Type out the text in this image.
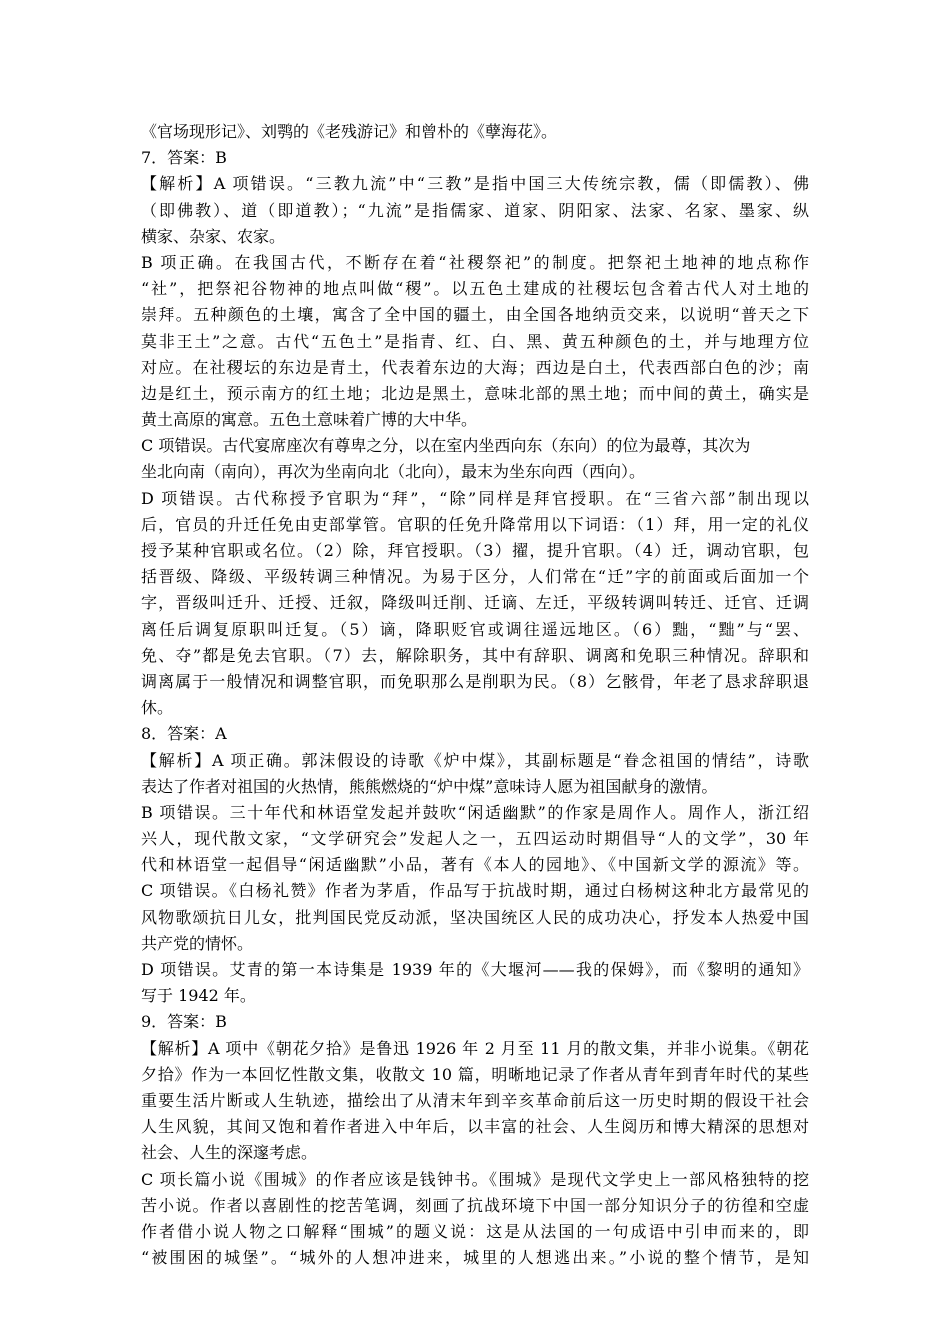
《官场现形记》、刘鹗的《老残游记》和曾朴的《孽海花》。
7．答案：B
【解析】A 项错误。“三教九流”中“三教”是指中国三大传统宗教，儒（即儒教）、佛
（即佛教）、道（即道教）；“九流”是指儒家、道家、阴阳家、法家、名家、墨家、纵
横家、杂家、农家。
B 项正确。在我国古代，不断存在着“社稷祭祀”的制度。把祭祀土地神的地点称作
“社”，把祭祀谷物神的地点叫做“稷”。以五色土建成的社稷坛包含着古代人对土地的
崇拜。五种颜色的土壤，寓含了全中国的疆土，由全国各地纳贡交来，以说明“普天之下
莫非王土”之意。古代“五色土”是指青、红、白、黑、黄五种颜色的土，并与地理方位
对应。在社稷坛的东边是青土，代表着东边的大海；西边是白土，代表西部白色的沙；南
边是红土，预示南方的红土地；北边是黑土，意味北部的黑土地；而中间的黄土，确实是
黄土高原的寓意。五色土意味着广博的大中华。
C 项错误。古代宴席座次有尊卑之分，以在室内坐西向东（东向）的位为最尊，其次为
坐北向南（南向），再次为坐南向北（北向），最末为坐东向西（西向）。
D 项错误。古代称授予官职为“拜”，“除”同样是拜官授职。在“三省六部”制出现以
后，官员的升迁任免由吏部掌管。官职的任免升降常用以下词语：（1）拜，用一定的礼仪
授予某种官职或名位。（2）除，拜官授职。（3）擢，提升官职。（4）迁，调动官职，包
括晋级、降级、平级转调三种情况。为易于区分，人们常在“迁”字的前面或后面加一个
字，晋级叫迁升、迁授、迁叙，降级叫迁削、迁谪、左迁，平级转调叫转迁、迁官、迁调
离任后调复原职叫迁复。（5）谪，降职贬官或调往遥远地区。（6）黜，“黜”与“罢、
免、夺”都是免去官职。（7）去，解除职务，其中有辞职、调离和免职三种情况。辞职和
调离属于一般情况和调整官职，而免职那么是削职为民。（8）乞骸骨，年老了恳求辞职退
休。
8．答案：A
【解析】A 项正确。郭沫假设的诗歌《炉中煤》，其副标题是“眷念祖国的情结”，诗歌
表达了作者对祖国的火热情，熊熊燃烧的“炉中煤”意味诗人愿为祖国献身的激情。
B 项错误。三十年代和林语堂发起并鼓吹“闲适幽默”的作家是周作人。周作人，浙江绍
兴人，现代散文家，“文学研究会”发起人之一，五四运动时期倡导“人的文学”，30 年
代和林语堂一起倡导“闲适幽默”小品，著有《本人的园地》、《中国新文学的源流》等。
C 项错误。《白杨礼赞》作者为茅盾，作品写于抗战时期，通过白杨树这种北方最常见的
风物歌颂抗日儿女，批判国民党反动派，坚决国统区人民的成功决心，抒发本人热爱中国
共产党的情怀。
D 项错误。艾青的第一本诗集是 1939 年的《大堰河——我的保姆》，而《黎明的通知》
写于 1942 年。
9．答案：B
【解析】A 项中《朝花夕拾》是鲁迅 1926 年 2 月至 11 月的散文集，并非小说集。《朝花
夕拾》作为一本回忆性散文集，收散文 10 篇，明晰地记录了作者从青年到青年时代的某些
重要生活片断或人生轨迹，描绘出了从清末年到辛亥革命前后这一历史时期的假设干社会
人生风貌，其间又饱和着作者进入中年后，以丰富的社会、人生阅历和博大精深的思想对
社会、人生的深邃考虑。
C 项长篇小说《围城》的作者应该是钱钟书。《围城》是现代文学史上一部风格独特的挖
苦小说。作者以喜剧性的挖苦笔调，刻画了抗战环境下中国一部分知识分子的彷徨和空虚
作者借小说人物之口解释“围城”的题义说：这是从法国的一句成语中引申而来的，即
“被围困的城堡”。“城外的人想冲进来，城里的人想逃出来。”小说的整个情节，是知
